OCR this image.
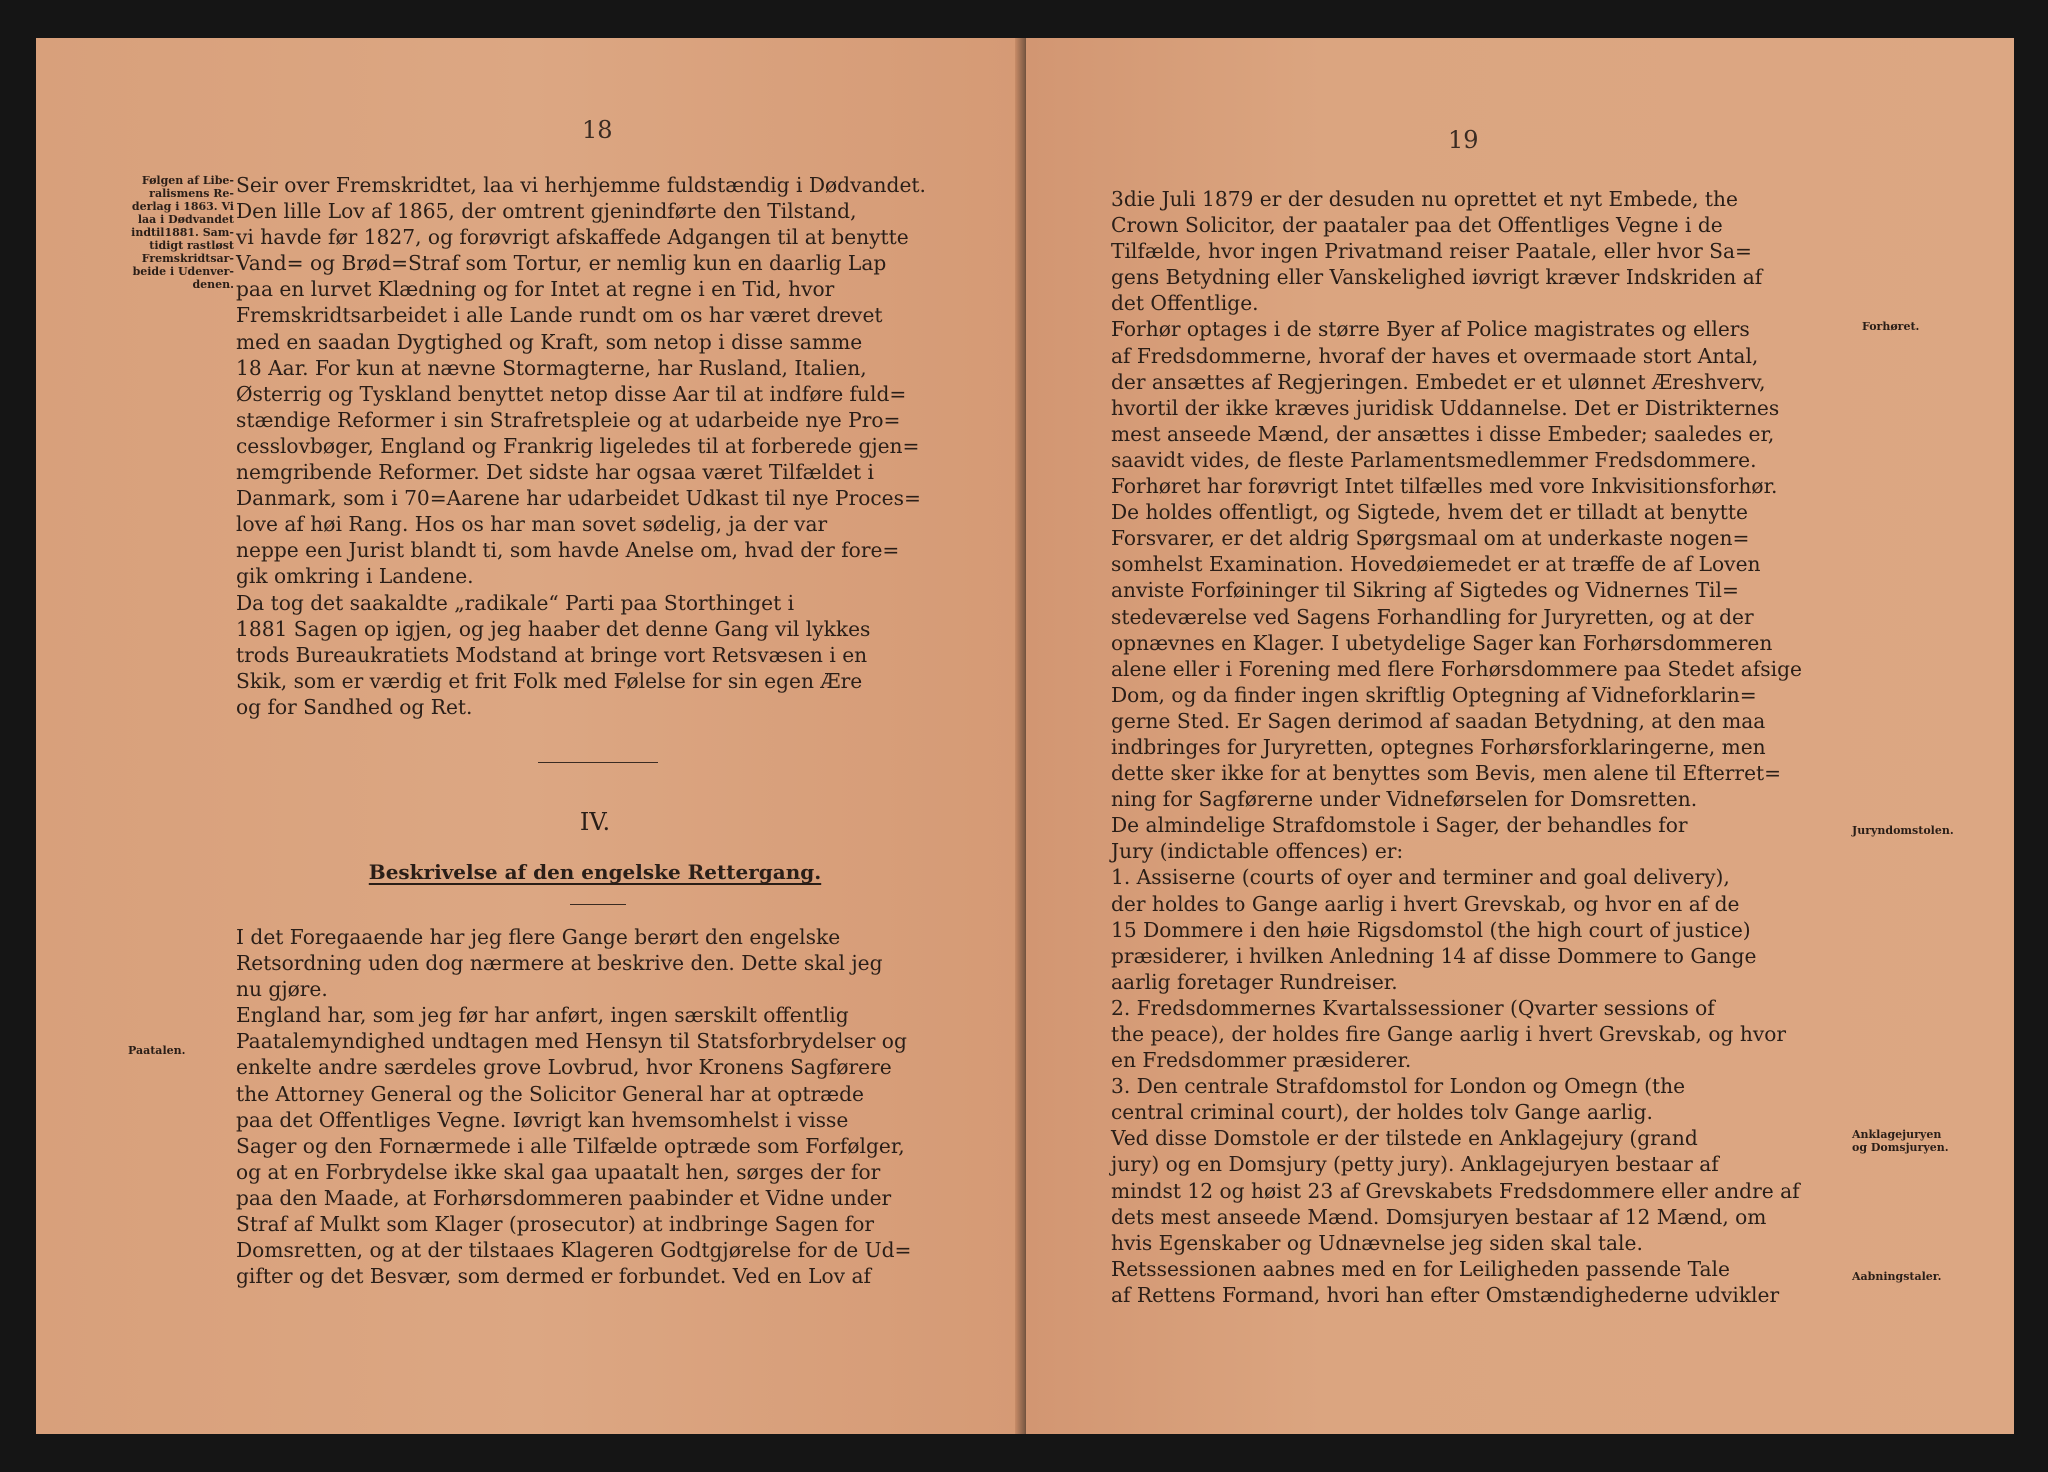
18
Følgen af Libe-
ralismens Re-
derlag i 1863. Vi
laa i Dødvandet
indtil1881. Sam-
tidigt rastløst
Fremskridtsar-
beide i Udenver-
denen.
Paatalen.

Seir over Fremskridtet, laa vi herhjemme fuldstændig i Dødvandet.
Den lille Lov af 1865, der omtrent gjenindførte den Tilstand,
vi havde før 1827, og forøvrigt afskaffede Adgangen til at benytte
Vand= og Brød=Straf som Tortur, er nemlig kun en daarlig Lap
paa en lurvet Klædning og for Intet at regne i en Tid, hvor
Fremskridtsarbeidet i alle Lande rundt om os har været drevet
med en saadan Dygtighed og Kraft, som netop i disse samme
18 Aar. For kun at nævne Stormagterne, har Rusland, Italien,
Østerrig og Tyskland benyttet netop disse Aar til at indføre fuld=
stændige Reformer i sin Strafretspleie og at udarbeide nye Pro=
cesslovbøger, England og Frankrig ligeledes til at forberede gjen=
nemgribende Reformer. Det sidste har ogsaa været Tilfældet i
Danmark, som i 70=Aarene har udarbeidet Udkast til nye Proces=
love af høi Rang. Hos os har man sovet sødelig, ja der var
neppe een Jurist blandt ti, som havde Anelse om, hvad der fore=
gik omkring i Landene.

Da tog det saakaldte „radikale“ Parti paa Storthinget i
1881 Sagen op igjen, og jeg haaber det denne Gang vil lykkes
trods Bureaukratiets Modstand at bringe vort Retsvæsen i en
Skik, som er værdig et frit Folk med Følelse for sin egen Ære
og for Sandhed og Ret.

IV.
Beskrivelse af den engelske Rettergang.

I det Foregaaende har jeg flere Gange berørt den engelske
Retsordning uden dog nærmere at beskrive den. Dette skal jeg
nu gjøre.

England har, som jeg før har anført, ingen særskilt offentlig
Paatalemyndighed undtagen med Hensyn til Statsforbrydelser og
enkelte andre særdeles grove Lovbrud, hvor Kronens Sagførere
the Attorney General og the Solicitor General har at optræde
paa det Offentliges Vegne. Iøvrigt kan hvemsomhelst i visse
Sager og den Fornærmede i alle Tilfælde optræde som Forfølger,
og at en Forbrydelse ikke skal gaa upaatalt hen, sørges der for
paa den Maade, at Forhørsdommeren paabinder et Vidne under
Straf af Mulkt som Klager (prosecutor) at indbringe Sagen for
Domsretten, og at der tilstaaes Klageren Godtgjørelse for de Ud=
gifter og det Besvær, som dermed er forbundet. Ved en Lov af

19

3die Juli 1879 er der desuden nu oprettet et nyt Embede, the
Crown Solicitor, der paataler paa det Offentliges Vegne i de
Tilfælde, hvor ingen Privatmand reiser Paatale, eller hvor Sa=
gens Betydning eller Vanskelighed iøvrigt kræver Indskriden af
det Offentlige.

Forhør optages i de større Byer af Police magistrates og ellers
af Fredsdommerne, hvoraf der haves et overmaade stort Antal,
der ansættes af Regjeringen. Embedet er et ulønnet Æreshverv,
hvortil der ikke kræves juridisk Uddannelse. Det er Distrikternes
mest anseede Mænd, der ansættes i disse Embeder; saaledes er,
saavidt vides, de fleste Parlamentsmedlemmer Fredsdommere.
Forhøret har forøvrigt Intet tilfælles med vore Inkvisitionsforhør.
De holdes offentligt, og Sigtede, hvem det er tilladt at benytte
Forsvarer, er det aldrig Spørgsmaal om at underkaste nogen=
somhelst Examination. Hovedøiemedet er at træffe de af Loven
anviste Forføininger til Sikring af Sigtedes og Vidnernes Til=
stedeværelse ved Sagens Forhandling for Juryretten, og at der
opnævnes en Klager. I ubetydelige Sager kan Forhørsdommeren
alene eller i Forening med flere Forhørsdommere paa Stedet afsige
Dom, og da finder ingen skriftlig Optegning af Vidneforklarin=
gerne Sted. Er Sagen derimod af saadan Betydning, at den maa
indbringes for Juryretten, optegnes Forhørsforklaringerne, men
dette sker ikke for at benyttes som Bevis, men alene til Efterret=
ning for Sagførerne under Vidneførselen for Domsretten.

De almindelige Strafdomstole i Sager, der behandles for
Jury (indictable offences) er:
1. Assiserne (courts of oyer and terminer and goal delivery),
der holdes to Gange aarlig i hvert Grevskab, og hvor en af de
15 Dommere i den høie Rigsdomstol (the high court of justice)
præsiderer, i hvilken Anledning 14 af disse Dommere to Gange
aarlig foretager Rundreiser.
2. Fredsdommernes Kvartalssessioner (Qvarter sessions of
the peace), der holdes fire Gange aarlig i hvert Grevskab, og hvor
en Fredsdommer præsiderer.
3. Den centrale Strafdomstol for London og Omegn (the
central criminal court), der holdes tolv Gange aarlig.

Ved disse Domstole er der tilstede en Anklagejury (grand
jury) og en Domsjury (petty jury). Anklagejuryen bestaar af
mindst 12 og høist 23 af Grevskabets Fredsdommere eller andre af
dets mest anseede Mænd. Domsjuryen bestaar af 12 Mænd, om
hvis Egenskaber og Udnævnelse jeg siden skal tale.

Retssessionen aabnes med en for Leiligheden passende Tale
af Rettens Formand, hvori han efter Omstændighederne udvikler

Forhøret.
Juryndomstolen.
Anklagejuryen
og Domsjuryen.
Aabningstaler.
